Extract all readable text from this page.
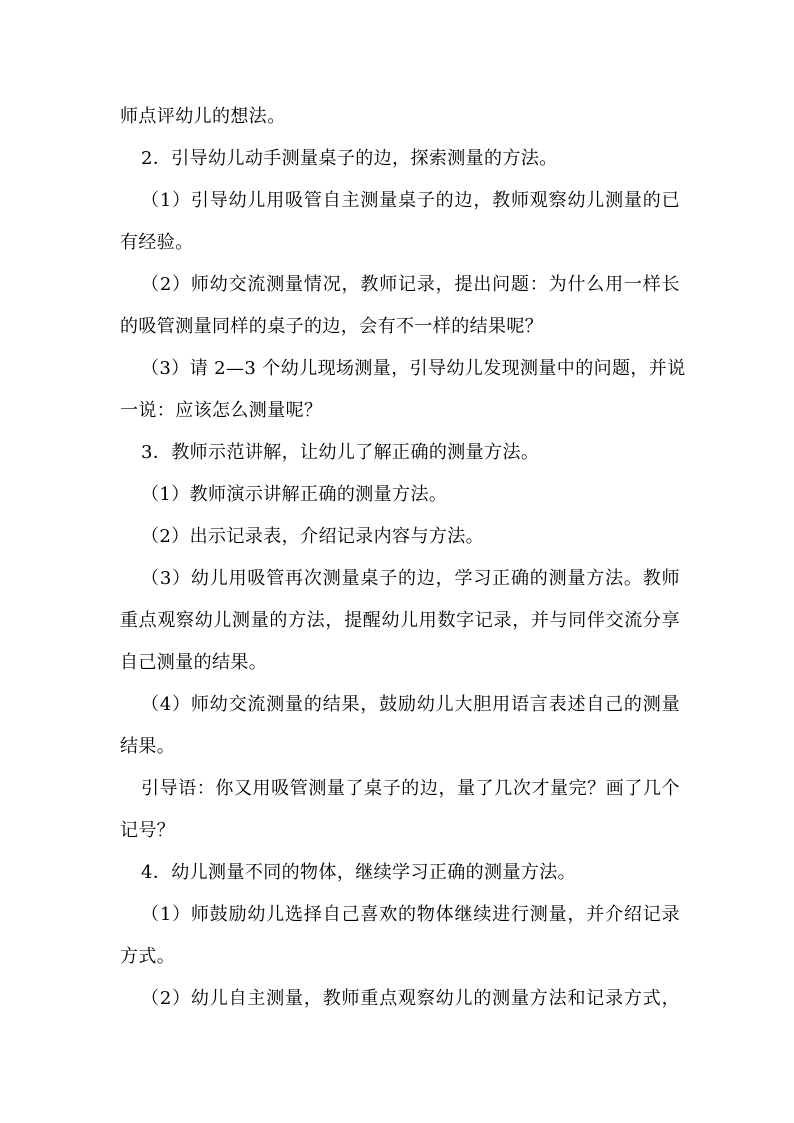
师点评幼儿的想法。
2．引导幼儿动手测量桌子的边，探索测量的方法。
（1）引导幼儿用吸管自主测量桌子的边，教师观察幼儿测量的已
有经验。
（2）师幼交流测量情况，教师记录，提出问题：为什么用一样长
的吸管测量同样的桌子的边，会有不一样的结果呢？
（3）请 2—3 个幼儿现场测量，引导幼儿发现测量中的问题，并说
一说：应该怎么测量呢？
3．教师示范讲解，让幼儿了解正确的测量方法。
（1）教师演示讲解正确的测量方法。
（2）出示记录表，介绍记录内容与方法。
（3）幼儿用吸管再次测量桌子的边，学习正确的测量方法。教师
重点观察幼儿测量的方法，提醒幼儿用数字记录，并与同伴交流分享
自己测量的结果。
（4）师幼交流测量的结果，鼓励幼儿大胆用语言表述自己的测量
结果。
引导语：你又用吸管测量了桌子的边，量了几次才量完？画了几个
记号？
4．幼儿测量不同的物体，继续学习正确的测量方法。
（1）师鼓励幼儿选择自己喜欢的物体继续进行测量，并介绍记录
方式。
（2）幼儿自主测量，教师重点观察幼儿的测量方法和记录方式，
